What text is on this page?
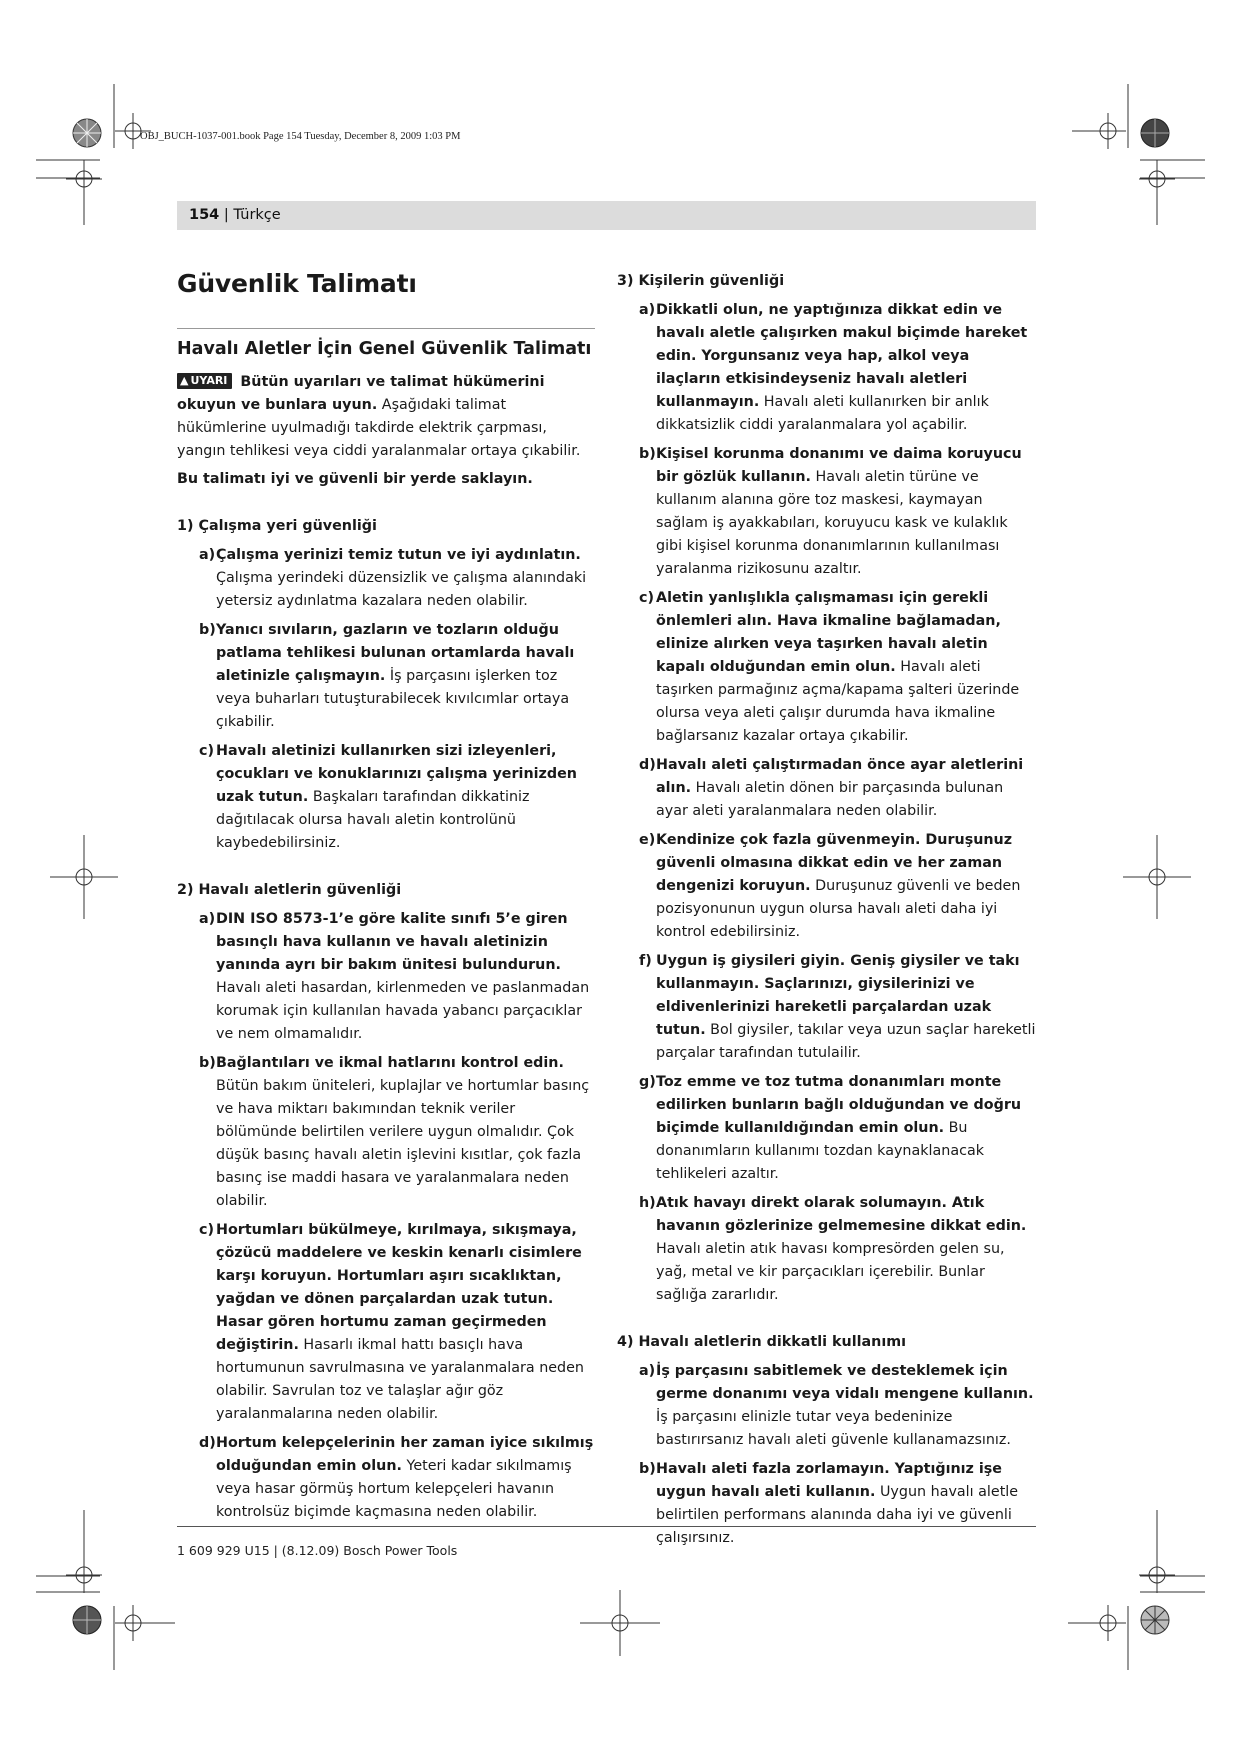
OBJ_BUCH-1037-001.book Page 154 Tuesday, December 8, 2009 1:03 PM
154 | Türkçe
Güvenlik Talimatı
Havalı Aletler İçin Genel Güvenlik Talimatı

▲ UYARI Bütün uyarıları ve talimat hükümerini okuyun ve bunlara uyun. Aşağıdaki talimat hükümlerine uyulmadığı takdirde elektrik çarpması, yangın tehlikesi veya ciddi yaralanmalar ortaya çıkabilir.

Bu talimatı iyi ve güvenli bir yerde saklayın.

1) Çalışma yeri güvenliği

a) Çalışma yerinizi temiz tutun ve iyi aydınlatın. Çalışma yerindeki düzensizlik ve çalışma alanındaki yetersiz aydınlatma kazalara neden olabilir.

b) Yanıcı sıvıların, gazların ve tozların olduğu patlama tehlikesi bulunan ortamlarda havalı aletinizle çalışmayın. İş parçasını işlerken toz veya buharları tutuşturabilecek kıvılcımlar ortaya çıkabilir.

c) Havalı aletinizi kullanırken sizi izleyenleri, çocukları ve konuklarınızı çalışma yerinizden uzak tutun. Başkaları tarafından dikkatiniz dağıtılacak olursa havalı aletin kontrolünü kaybedebilirsiniz.

2) Havalı aletlerin güvenliği

a) DIN ISO 8573-1’e göre kalite sınıfı 5’e giren basınçlı hava kullanın ve havalı aletinizin yanında ayrı bir bakım ünitesi bulundurun. Havalı aleti hasardan, kirlenmeden ve paslanmadan korumak için kullanılan havada yabancı parçacıklar ve nem olmamalıdır.

b) Bağlantıları ve ikmal hatlarını kontrol edin. Bütün bakım üniteleri, kuplajlar ve hortumlar basınç ve hava miktarı bakımından teknik veriler bölümünde belirtilen verilere uygun olmalıdır. Çok düşük basınç havalı aletin işlevini kısıtlar, çok fazla basınç ise maddi hasara ve yaralanmalara neden olabilir.

c) Hortumları bükülmeye, kırılmaya, sıkışmaya, çözücü maddelere ve keskin kenarlı cisimlere karşı koruyun. Hortumları aşırı sıcaklıktan, yağdan ve dönen parçalardan uzak tutun. Hasar gören hortumu zaman geçirmeden değiştirin. Hasarlı ikmal hattı basıçlı hava hortumunun savrulmasına ve yaralanmalara neden olabilir. Savrulan toz ve talaşlar ağır göz yaralanmalarına neden olabilir.

d) Hortum kelepçelerinin her zaman iyice sıkılmış olduğundan emin olun. Yeteri kadar sıkılmamış veya hasar görmüş hortum kelepçeleri havanın kontrolsüz biçimde kaçmasına neden olabilir.

3) Kişilerin güvenliği

a) Dikkatli olun, ne yaptığınıza dikkat edin ve havalı aletle çalışırken makul biçimde hareket edin. Yorgunsanız veya hap, alkol veya ilaçların etkisindeyseniz havalı aletleri kullanmayın. Havalı aleti kullanırken bir anlık dikkatsizlik ciddi yaralanmalara yol açabilir.

b) Kişisel korunma donanımı ve daima koruyucu bir gözlük kullanın. Havalı aletin türüne ve kullanım alanına göre toz maskesi, kaymayan sağlam iş ayakkabıları, koruyucu kask ve kulaklık gibi kişisel korunma donanımlarının kullanılması yaralanma rizikosunu azaltır.

c) Aletin yanlışlıkla çalışmaması için gerekli önlemleri alın. Hava ikmaline bağlamadan, elinize alırken veya taşırken havalı aletin kapalı olduğundan emin olun. Havalı aleti taşırken parmağınız açma/kapama şalteri üzerinde olursa veya aleti çalışır durumda hava ikmaline bağlarsanız kazalar ortaya çıkabilir.

d) Havalı aleti çalıştırmadan önce ayar aletlerini alın. Havalı aletin dönen bir parçasında bulunan ayar aleti yaralanmalara neden olabilir.

e) Kendinize çok fazla güvenmeyin. Duruşunuz güvenli olmasına dikkat edin ve her zaman dengenizi koruyun. Duruşunuz güvenli ve beden pozisyonunun uygun olursa havalı aleti daha iyi kontrol edebilirsiniz.

f) Uygun iş giysileri giyin. Geniş giysiler ve takı kullanmayın. Saçlarınızı, giysilerinizi ve eldivenlerinizi hareketli parçalardan uzak tutun. Bol giysiler, takılar veya uzun saçlar hareketli parçalar tarafından tutulailir.

g) Toz emme ve toz tutma donanımları monte edilirken bunların bağlı olduğundan ve doğru biçimde kullanıldığından emin olun. Bu donanımların kullanımı tozdan kaynaklanacak tehlikeleri azaltır.

h) Atık havayı direkt olarak solumayın. Atık havanın gözlerinize gelmemesine dikkat edin. Havalı aletin atık havası kompresörden gelen su, yağ, metal ve kir parçacıkları içerebilir. Bunlar sağlığa zararlıdır.

4) Havalı aletlerin dikkatli kullanımı

a) İş parçasını sabitlemek ve desteklemek için germe donanımı veya vidalı mengene kullanın. İş parçasını elinizle tutar veya bedeninize bastırırsanız havalı aleti güvenle kullanamazsınız.

b) Havalı aleti fazla zorlamayın. Yaptığınız işe uygun havalı aleti kullanın. Uygun havalı aletle belirtilen performans alanında daha iyi ve güvenli çalışırsınız.

1 609 929 U15 | (8.12.09) Bosch Power Tools
